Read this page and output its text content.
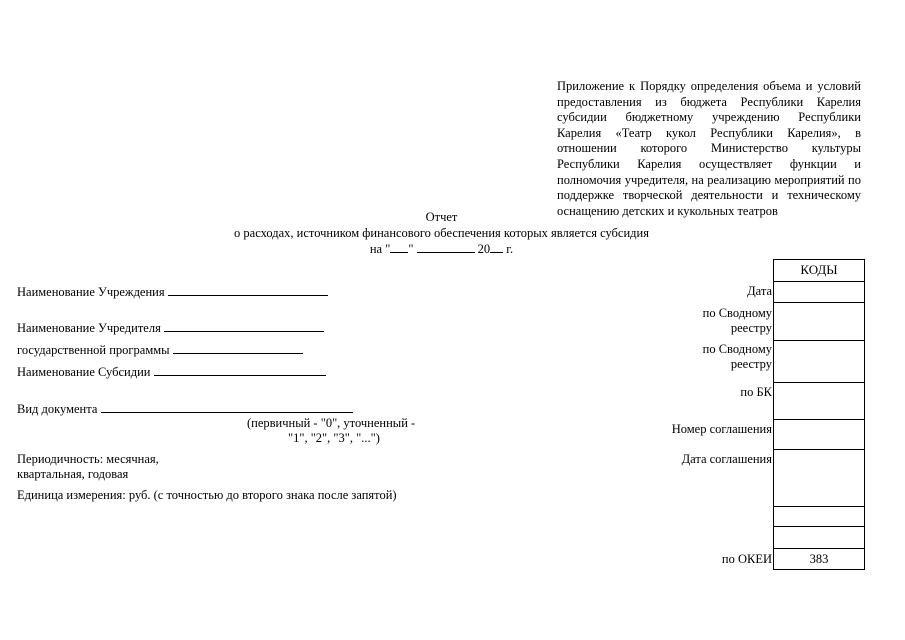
Приложение к Порядку определения объема и условий предоставления из бюджета Республики Карелия субсидии бюджетному учреждению Республики Карелия «Театр кукол Республики Карелия», в отношении которого Министерство культуры Республики Карелия осуществляет функции и полномочия учредителя, на реализацию мероприятий по поддержке творческой деятельности и техническому оснащению детских и кукольных театров
Отчет
о расходах, источником финансового обеспечения которых является субсидия
на " "	20 г.
Наименование Учреждения
Наименование Учредителя
государственной программы
Наименование Субсидии
Вид документа
(первичный - "0", уточненный -
"1", "2", "3", "...")
Периодичность: месячная,
квартальная, годовая
Единица измерения: руб. (с точностью до второго знака после запятой)
Дата
по Сводному
реестру
по Сводному
реестру
по БК
Номер соглашения
Дата соглашения
по ОКЕИ
КОДЫ
383
